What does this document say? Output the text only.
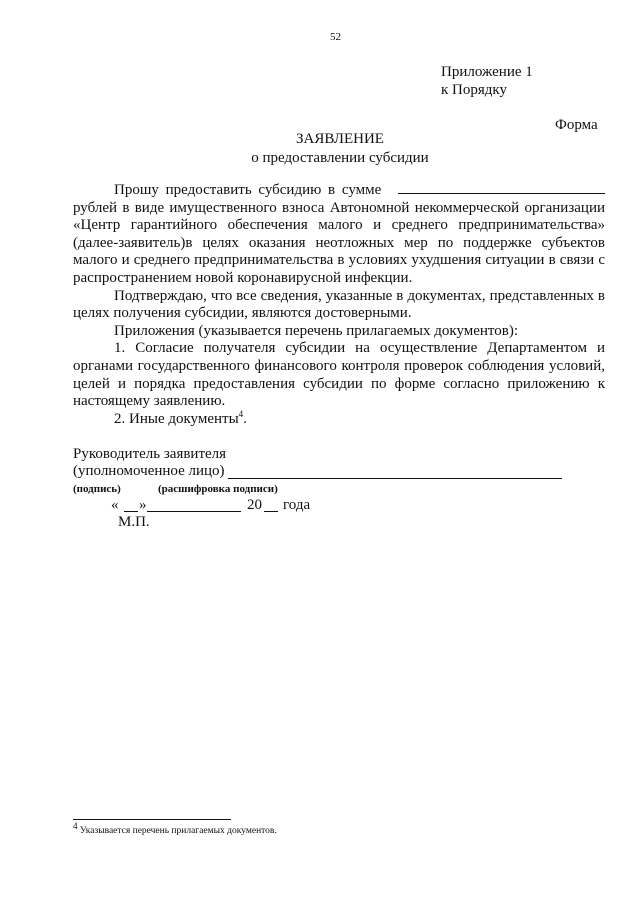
52
Приложение 1
к Порядку
Форма
ЗАЯВЛЕНИЕ
о предоставлении субсидии

Прошу предоставить субсидию в сумме  рублей в виде имущественного взноса Автономной некоммерческой организации «Центр гарантийного обеспечения малого и среднего предпринимательства» (далее-заявитель)в целях оказания неотложных мер по поддержке субъектов малого и среднего предпринимательства в условиях ухудшения ситуации в связи с распространением новой коронавирусной инфекции.

Подтверждаю, что все сведения, указанные в документах, представленных в целях получения субсидии, являются достоверными.

Приложения (указывается перечень прилагаемых документов):

1. Согласие получателя субсидии на осуществление Департаментом и органами государственного финансового контроля проверок соблюдения условий, целей и порядка предоставления субсидии по форме согласно приложению к настоящему заявлению.

2. Иные документы$^4$.

Руководитель заявителя
(уполномоченное лицо)
(подпись)	(расшифровка подписи)
« »	20 года
М.П.
$^4$ Указывается перечень прилагаемых документов.
